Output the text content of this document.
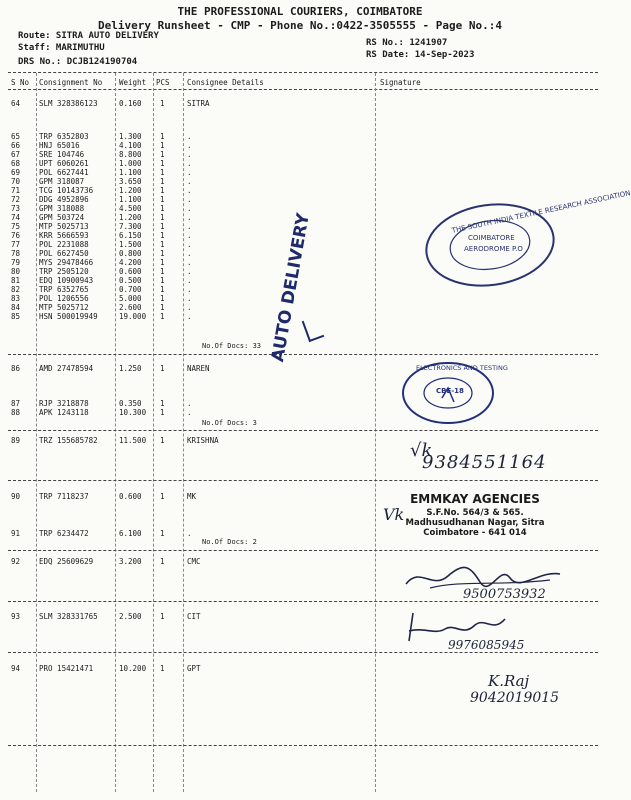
THE PROFESSIONAL COURIERS, COIMBATORE
Delivery Runsheet - CMP - Phone No.:0422-3505555 - Page No.:4
Route: SITRA AUTO DELIVERY
Staff: MARIMUTHU
DRS No.: DCJB124190704
RS No.: 1241907
RS Date: 14-Sep-2023
S No Consignment No Weight PCS Consignee Details	Signature
64	SLM 328386123	0.160 1	SITRA
65	TRP 6352803	1.300 1	.
66	HNJ 65016	4.100 1	.
67	SRE 104746	8.800 1	.
68	UPT 6060261	1.000 1	.
69	POL 6627441	1.100 1	.
70	GPM 318087	3.650 1	.
71	TCG 10143736	1.200 1	.
72	DDG 4952896	1.100 1	.
73	GPM 318088	4.500 1	.
74	GPM 503724	1.200 1	.
75	MTP 5025713	7.300 1	.
76	KRR 5666593	6.150 1	.
77	POL 2231088	1.500 1	.
78	POL 6627450	0.800 1	.
79	MYS 29478466	4.200 1	.
80	TRP 2505120	0.600 1	.
81	EDQ 10900943	0.500 1	.
82	TRP 6352765	0.700 1	.
83	POL 1206556	5.000 1	.
84	MTP 5025712	2.600 1	.
85	HSN 500019949	19.000 1	.
No.Of Docs: 33
86	AMD 27478594	1.250 1	NAREN
87	RJP 3218878	0.350 1	.
88	APK 1243118	10.300 1	.
No.Of Docs: 3
89	TRZ 155685782	11.500 1	KRISHNA
90	TRP 7118237	0.600 1	MK
91	TRP 6234472	6.100 1	.
No.Of Docs: 2
92	EDQ 25609629	3.200 1	CMC
93	SLM 328331765	2.500 1	CIT
94	PRO 15421471	10.200 1	GPT
THE SOUTH INDIA TEXTILE RESEARCH ASSOCIATION
COIMBATORE
AERODROME P.O
AUTO DELIVERY
ELECTRONICS AND TESTING
CBE-18
√k
9384551164
Vk
EMMKAY AGENCIES
S.F.No. 564/3 & 565.
Madhusudhanan Nagar, Sitra
Coimbatore - 641 014
9500753932
9976085945
K.Raj
9042019015
